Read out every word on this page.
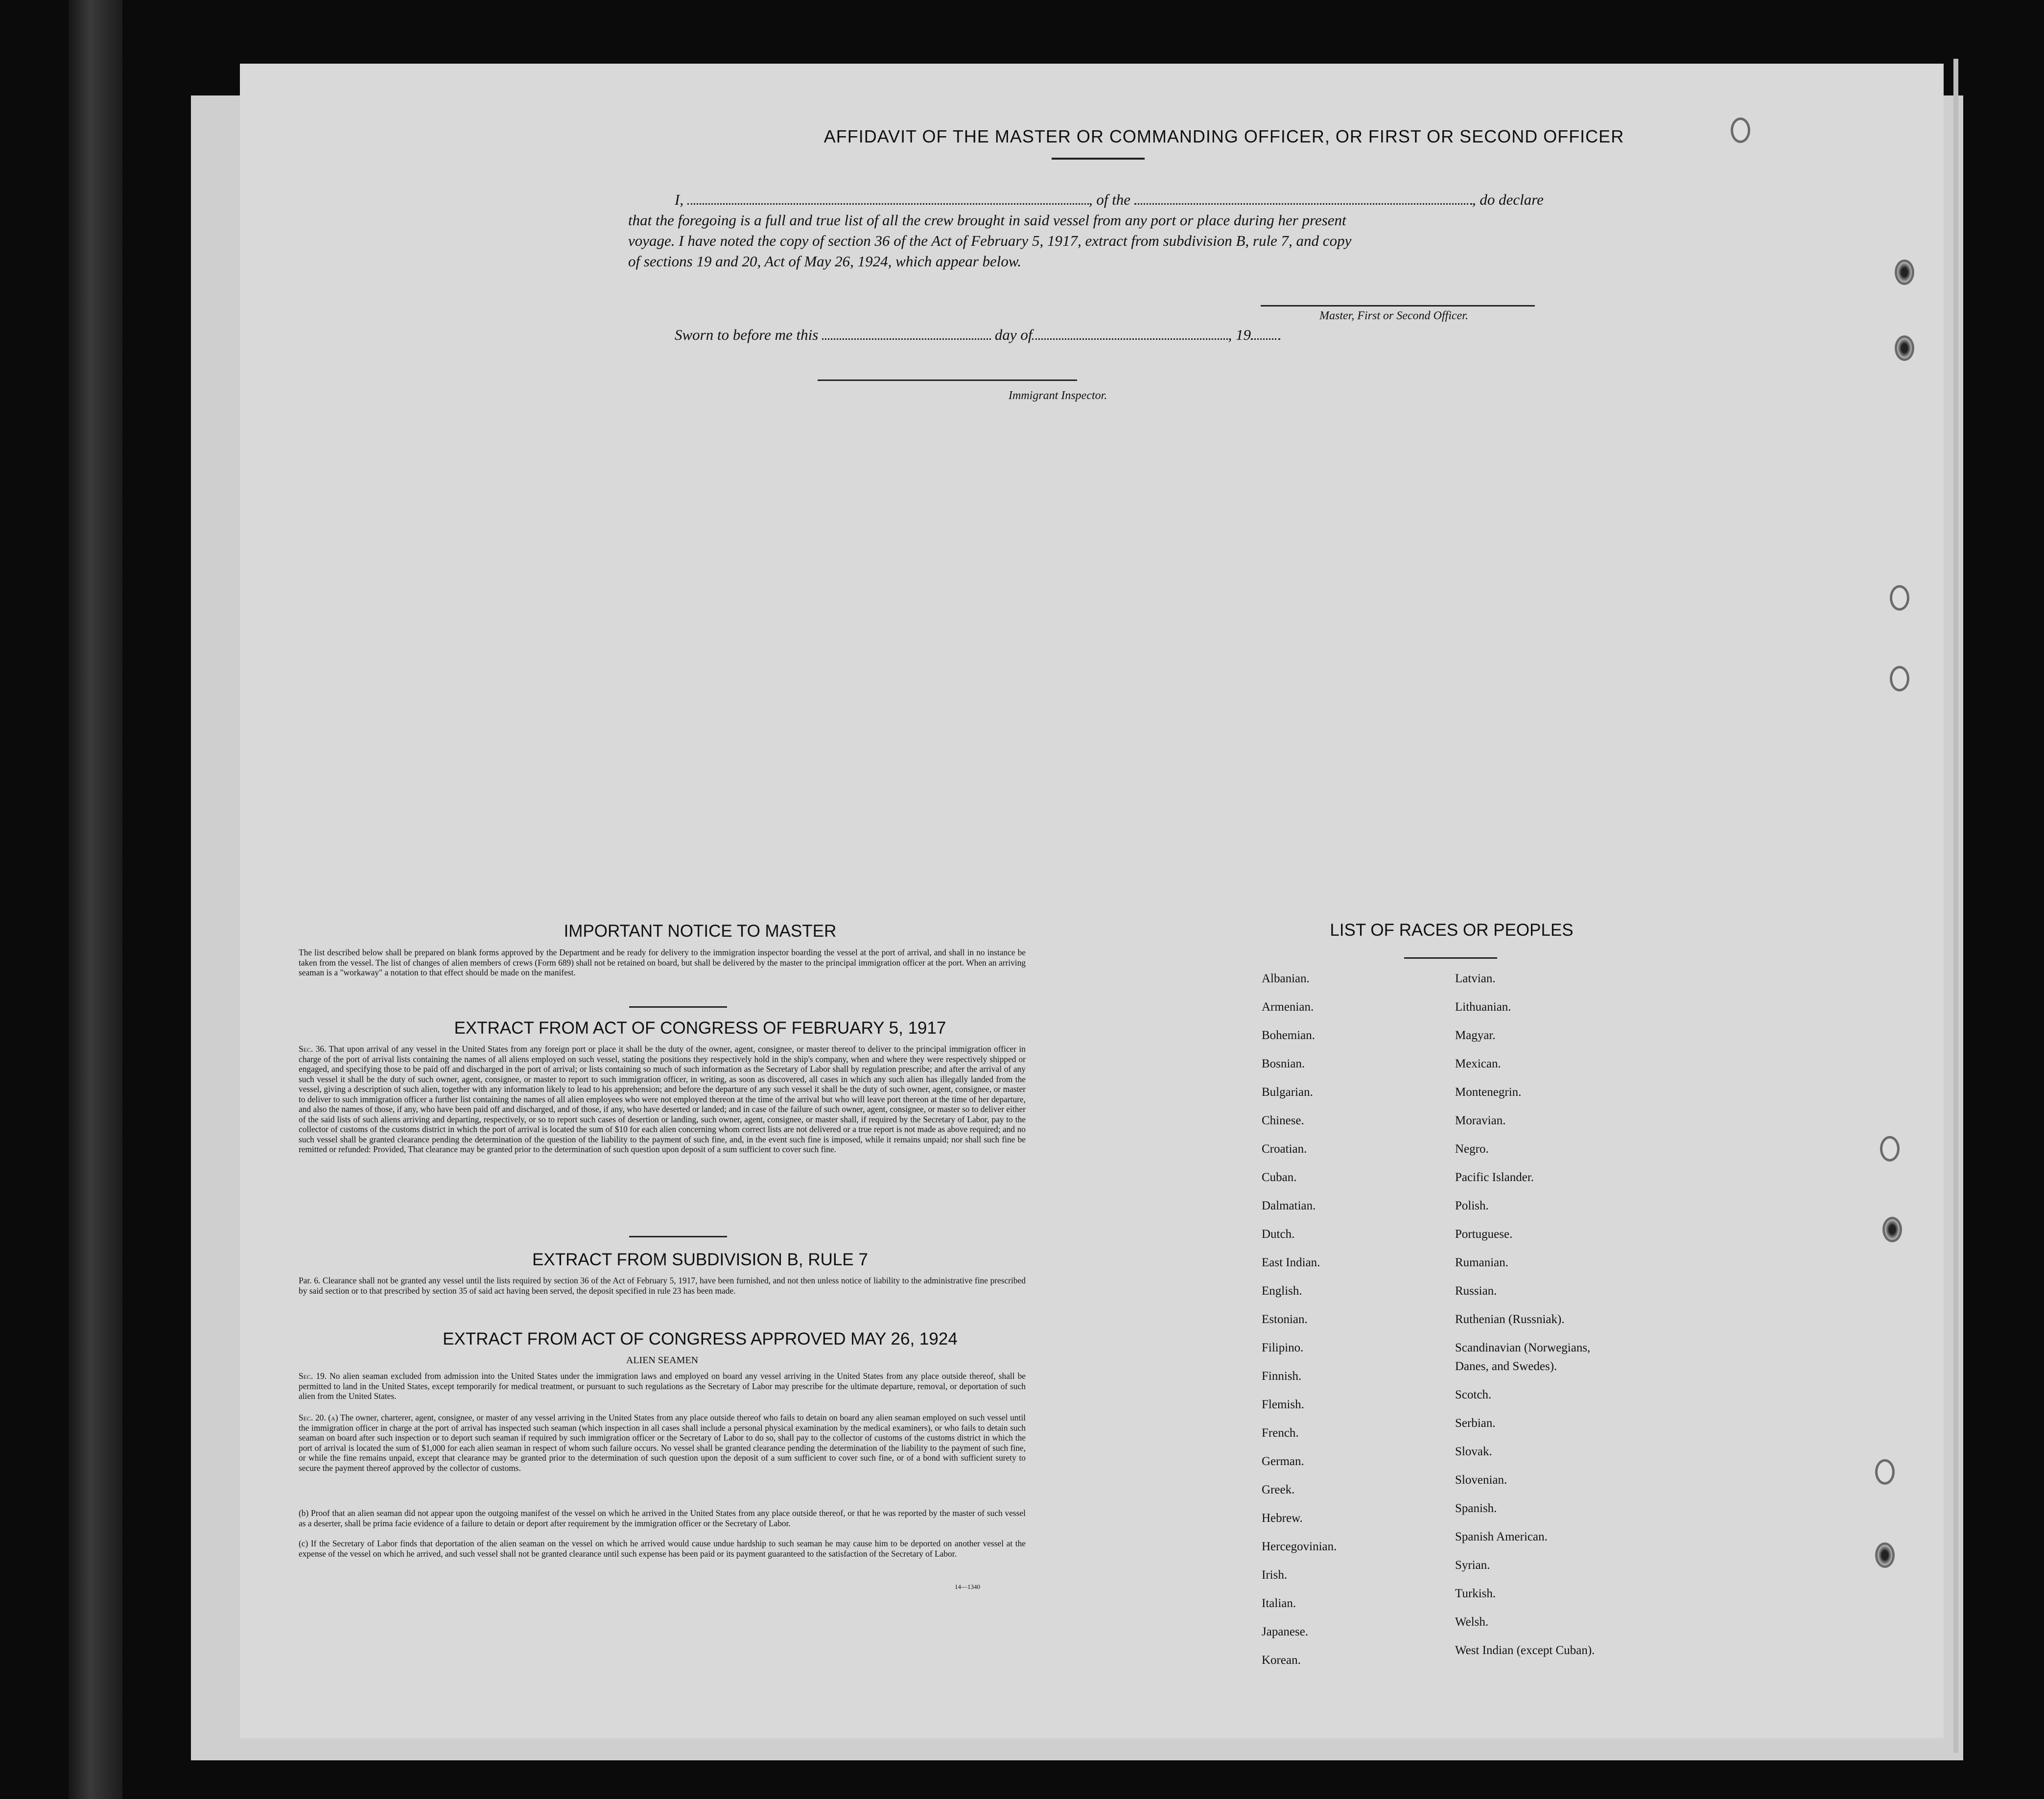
AFFIDAVIT OF THE MASTER OR COMMANDING OFFICER, OR FIRST OR SECOND OFFICER
I,	, of the	, do declare
that the foregoing is a full and true list of all the crew brought in said vessel from any port or place during her present
voyage. I have noted the copy of section 36 of the Act of February 5, 1917, extract from subdivision B, rule 7, and copy
of sections 19 and 20, Act of May 26, 1924, which appear below.
Master, First or Second Officer.
Sworn to before me this	day of	, 19
Immigrant Inspector.
IMPORTANT NOTICE TO MASTER
The list described below shall be prepared on blank forms approved by the Department and be ready for delivery to the immigration inspector boarding the vessel at the port of arrival, and shall in no instance be taken from the vessel. The list of changes of alien members of crews (Form 689) shall not be retained on board, but shall be delivered by the master to the principal immigration officer at the port. When an arriving seaman is a "workaway" a notation to that effect should be made on the manifest.
EXTRACT FROM ACT OF CONGRESS OF FEBRUARY 5, 1917
Sec. 36. That upon arrival of any vessel in the United States from any foreign port or place it shall be the duty of the owner, agent, consignee, or master thereof to deliver to the principal immigration officer in charge of the port of arrival lists containing the names of all aliens employed on such vessel, stating the positions they respectively hold in the ship's company, when and where they were respectively shipped or engaged, and specifying those to be paid off and discharged in the port of arrival; or lists containing so much of such information as the Secretary of Labor shall by regulation prescribe; and after the arrival of any such vessel it shall be the duty of such owner, agent, consignee, or master to report to such immigration officer, in writing, as soon as discovered, all cases in which any such alien has illegally landed from the vessel, giving a description of such alien, together with any information likely to lead to his apprehension; and before the departure of any such vessel it shall be the duty of such owner, agent, consignee, or master to deliver to such immigration officer a further list containing the names of all alien employees who were not employed thereon at the time of the arrival but who will leave port thereon at the time of her departure, and also the names of those, if any, who have been paid off and discharged, and of those, if any, who have deserted or landed; and in case of the failure of such owner, agent, consignee, or master so to deliver either of the said lists of such aliens arriving and departing, respectively, or so to report such cases of desertion or landing, such owner, agent, consignee, or master shall, if required by the Secretary of Labor, pay to the collector of customs of the customs district in which the port of arrival is located the sum of $10 for each alien concerning whom correct lists are not delivered or a true report is not made as above required; and no such vessel shall be granted clearance pending the determination of the question of the liability to the payment of such fine, and, in the event such fine is imposed, while it remains unpaid; nor shall such fine be remitted or refunded: Provided, That clearance may be granted prior to the determination of such question upon deposit of a sum sufficient to cover such fine.
EXTRACT FROM SUBDIVISION B, RULE 7
Par. 6. Clearance shall not be granted any vessel until the lists required by section 36 of the Act of February 5, 1917, have been furnished, and not then unless notice of liability to the administrative fine prescribed by said section or to that prescribed by section 35 of said act having been served, the deposit specified in rule 23 has been made.
EXTRACT FROM ACT OF CONGRESS APPROVED MAY 26, 1924
ALIEN SEAMEN
Sec. 19. No alien seaman excluded from admission into the United States under the immigration laws and employed on board any vessel arriving in the United States from any place outside thereof, shall be permitted to land in the United States, except temporarily for medical treatment, or pursuant to such regulations as the Secretary of Labor may prescribe for the ultimate departure, removal, or deportation of such alien from the United States.
Sec. 20. (a) The owner, charterer, agent, consignee, or master of any vessel arriving in the United States from any place outside thereof who fails to detain on board any alien seaman employed on such vessel until the immigration officer in charge at the port of arrival has inspected such seaman (which inspection in all cases shall include a personal physical examination by the medical examiners), or who fails to detain such seaman on board after such inspection or to deport such seaman if required by such immigration officer or the Secretary of Labor to do so, shall pay to the collector of customs of the customs district in which the port of arrival is located the sum of $1,000 for each alien seaman in respect of whom such failure occurs. No vessel shall be granted clearance pending the determination of the liability to the payment of such fine, or while the fine remains unpaid, except that clearance may be granted prior to the determination of such question upon the deposit of a sum sufficient to cover such fine, or of a bond with sufficient surety to secure the payment thereof approved by the collector of customs.
(b) Proof that an alien seaman did not appear upon the outgoing manifest of the vessel on which he arrived in the United States from any place outside thereof, or that he was reported by the master of such vessel as a deserter, shall be prima facie evidence of a failure to detain or deport after requirement by the immigration officer or the Secretary of Labor.
(c) If the Secretary of Labor finds that deportation of the alien seaman on the vessel on which he arrived would cause undue hardship to such seaman he may cause him to be deported on another vessel at the expense of the vessel on which he arrived, and such vessel shall not be granted clearance until such expense has been paid or its payment guaranteed to the satisfaction of the Secretary of Labor.
14—1340
LIST OF RACES OR PEOPLES
Albanian.
Armenian.
Bohemian.
Bosnian.
Bulgarian.
Chinese.
Croatian.
Cuban.
Dalmatian.
Dutch.
East Indian.
English.
Estonian.
Filipino.
Finnish.
Flemish.
French.
German.
Greek.
Hebrew.
Hercegovinian.
Irish.
Italian.
Japanese.
Korean.
Latvian.
Lithuanian.
Magyar.
Mexican.
Montenegrin.
Moravian.
Negro.
Pacific Islander.
Polish.
Portuguese.
Rumanian.
Russian.
Ruthenian (Russniak).
Scandinavian (Norwegians,
Danes, and Swedes).
Scotch.
Serbian.
Slovak.
Slovenian.
Spanish.
Spanish American.
Syrian.
Turkish.
Welsh.
West Indian (except Cuban).
